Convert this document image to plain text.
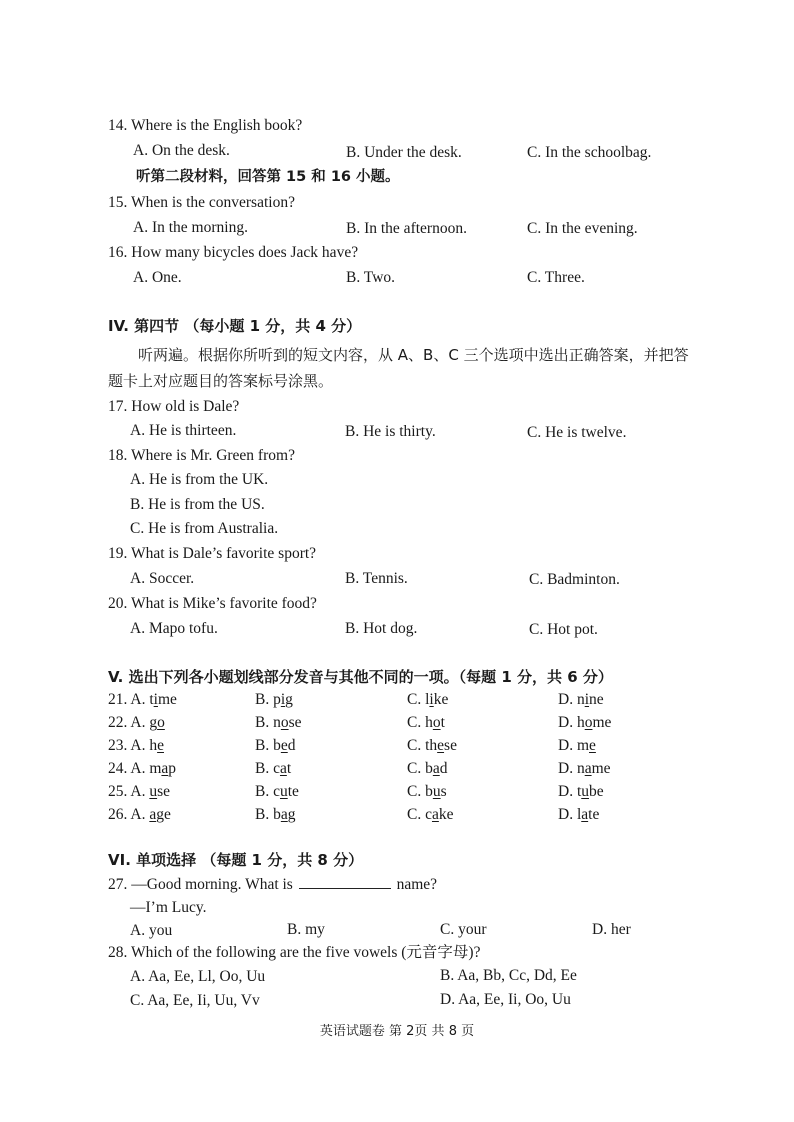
14. Where is the English book?
A. On the desk.	B. Under the desk.	C. In the schoolbag.
听第二段材料，回答第 15 和 16 小题。
15. When is the conversation?
A. In the morning.	B. In the afternoon.	C. In the evening.
16. How many bicycles does Jack have?
A. One.	B. Two.	C. Three.
IV. 第四节 （每小题 1 分，共 4 分）
听两遍。根据你所听到的短文内容，从 A、B、C 三个选项中选出正确答案，并把答题卡上对应题目的答案标号涂黑。
17. How old is Dale?
A. He is thirteen.	B. He is thirty.	C. He is twelve.
18. Where is Mr. Green from?
A. He is from the UK.
B. He is from the US.
C. He is from Australia.
19. What is Dale’s favorite sport?
A. Soccer.	B. Tennis.	C. Badminton.
20. What is Mike’s favorite food?
A. Mapo tofu.	B. Hot dog.	C. Hot pot.
V. 选出下列各小题划线部分发音与其他不同的一项。（每题 1 分，共 6 分）
21. A. time	B. pig	C. like	D. nine
22. A. go	B. nose	C. hot	D. home
23. A. he	B. bed	C. these	D. me
24. A. map	B. cat	C. bad	D. name
25. A. use	B. cute	C. bus	D. tube
26. A. age	B. bag	C. cake	D. late
VI. 单项选择 （每题 1 分，共 8 分）
27. —Good morning. What is	name?
—I’m Lucy.
A. you	B. my	C. your	D. her
28. Which of the following are the five vowels (元音字母)?
A. Aa, Ee, Ll, Oo, Uu	B. Aa, Bb, Cc, Dd, Ee
C. Aa, Ee, Ii, Uu, Vv	D. Aa, Ee, Ii, Oo, Uu
英语试题卷 第 2页 共 8 页
